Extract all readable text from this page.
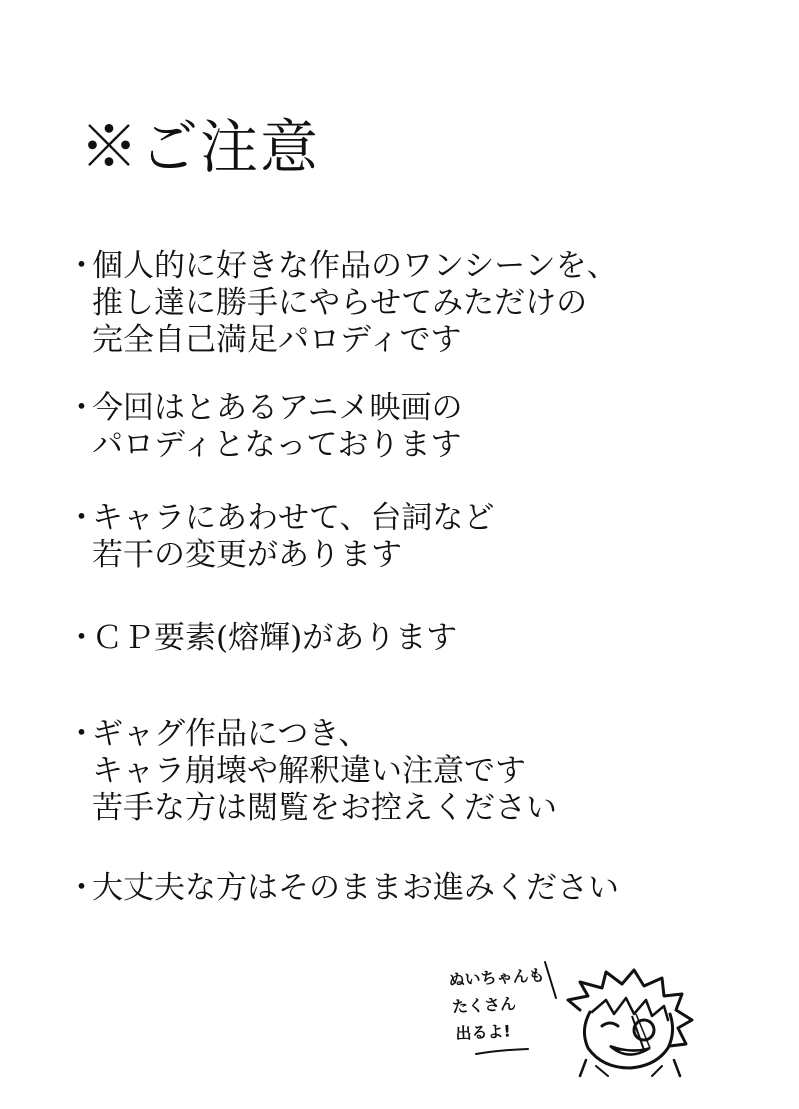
※ご注意
・
個人的に好きな作品のワンシーンを、
推し達に勝手にやらせてみただけの
完全自己満足パロディです
・
今回はとあるアニメ映画の
パロディとなっております
・
キャラにあわせて、台詞など
若干の変更があります
・
ＣＰ要素(熔輝)があります
・
ギャグ作品につき、
キャラ崩壊や解釈違い注意です
苦手な方は閲覧をお控えください
・
大丈夫な方はそのままお進みください
ぬいちゃんも
たくさん
出るよ!
